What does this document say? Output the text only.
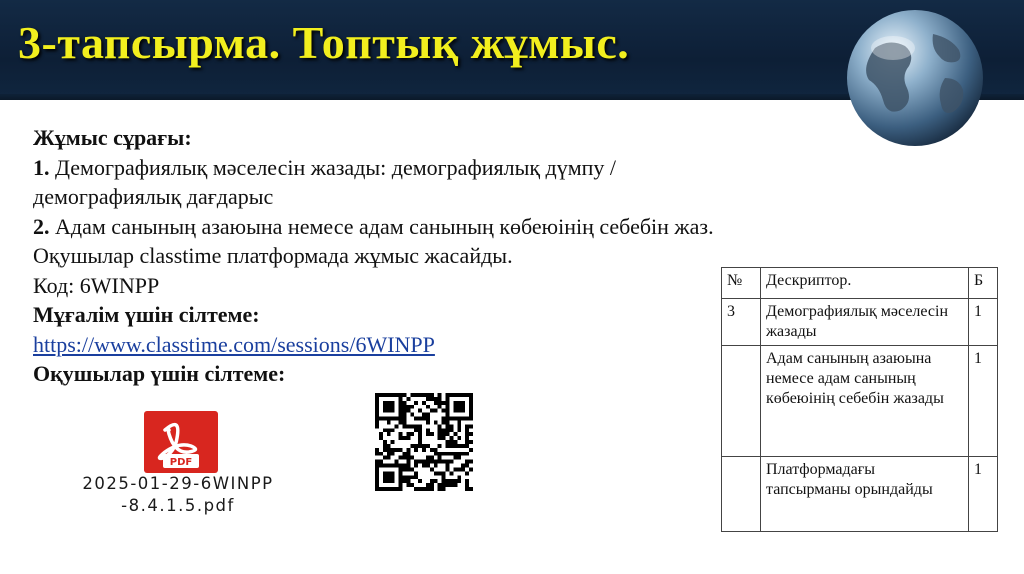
3-тапсырма. Топтық жұмыс.
Жұмыс сұрағы:
1. Демографиялық мәселесін жазады: демографиялық дүмпу /
демографиялық дағдарыс
2. Адам санының азаюына немесе адам санының көбеюінің себебін жаз.
Оқушылар classtime платформада жұмыс жасайды.
Код: 6WINPP
Мұғалім үшін сілтеме:
https://www.classtime.com/sessions/6WINPP
Оқушылар үшін сілтеме:
PDF
2025-01-29-6WINPP
-8.4.1.5.pdf
№	Дескриптор.	Б
3	Демографиялық мәселесін жазады	1
	Адам санының азаюына немесе адам санының көбеюінің себебін жазады	1
	Платформадағы тапсырманы орындайды	1
